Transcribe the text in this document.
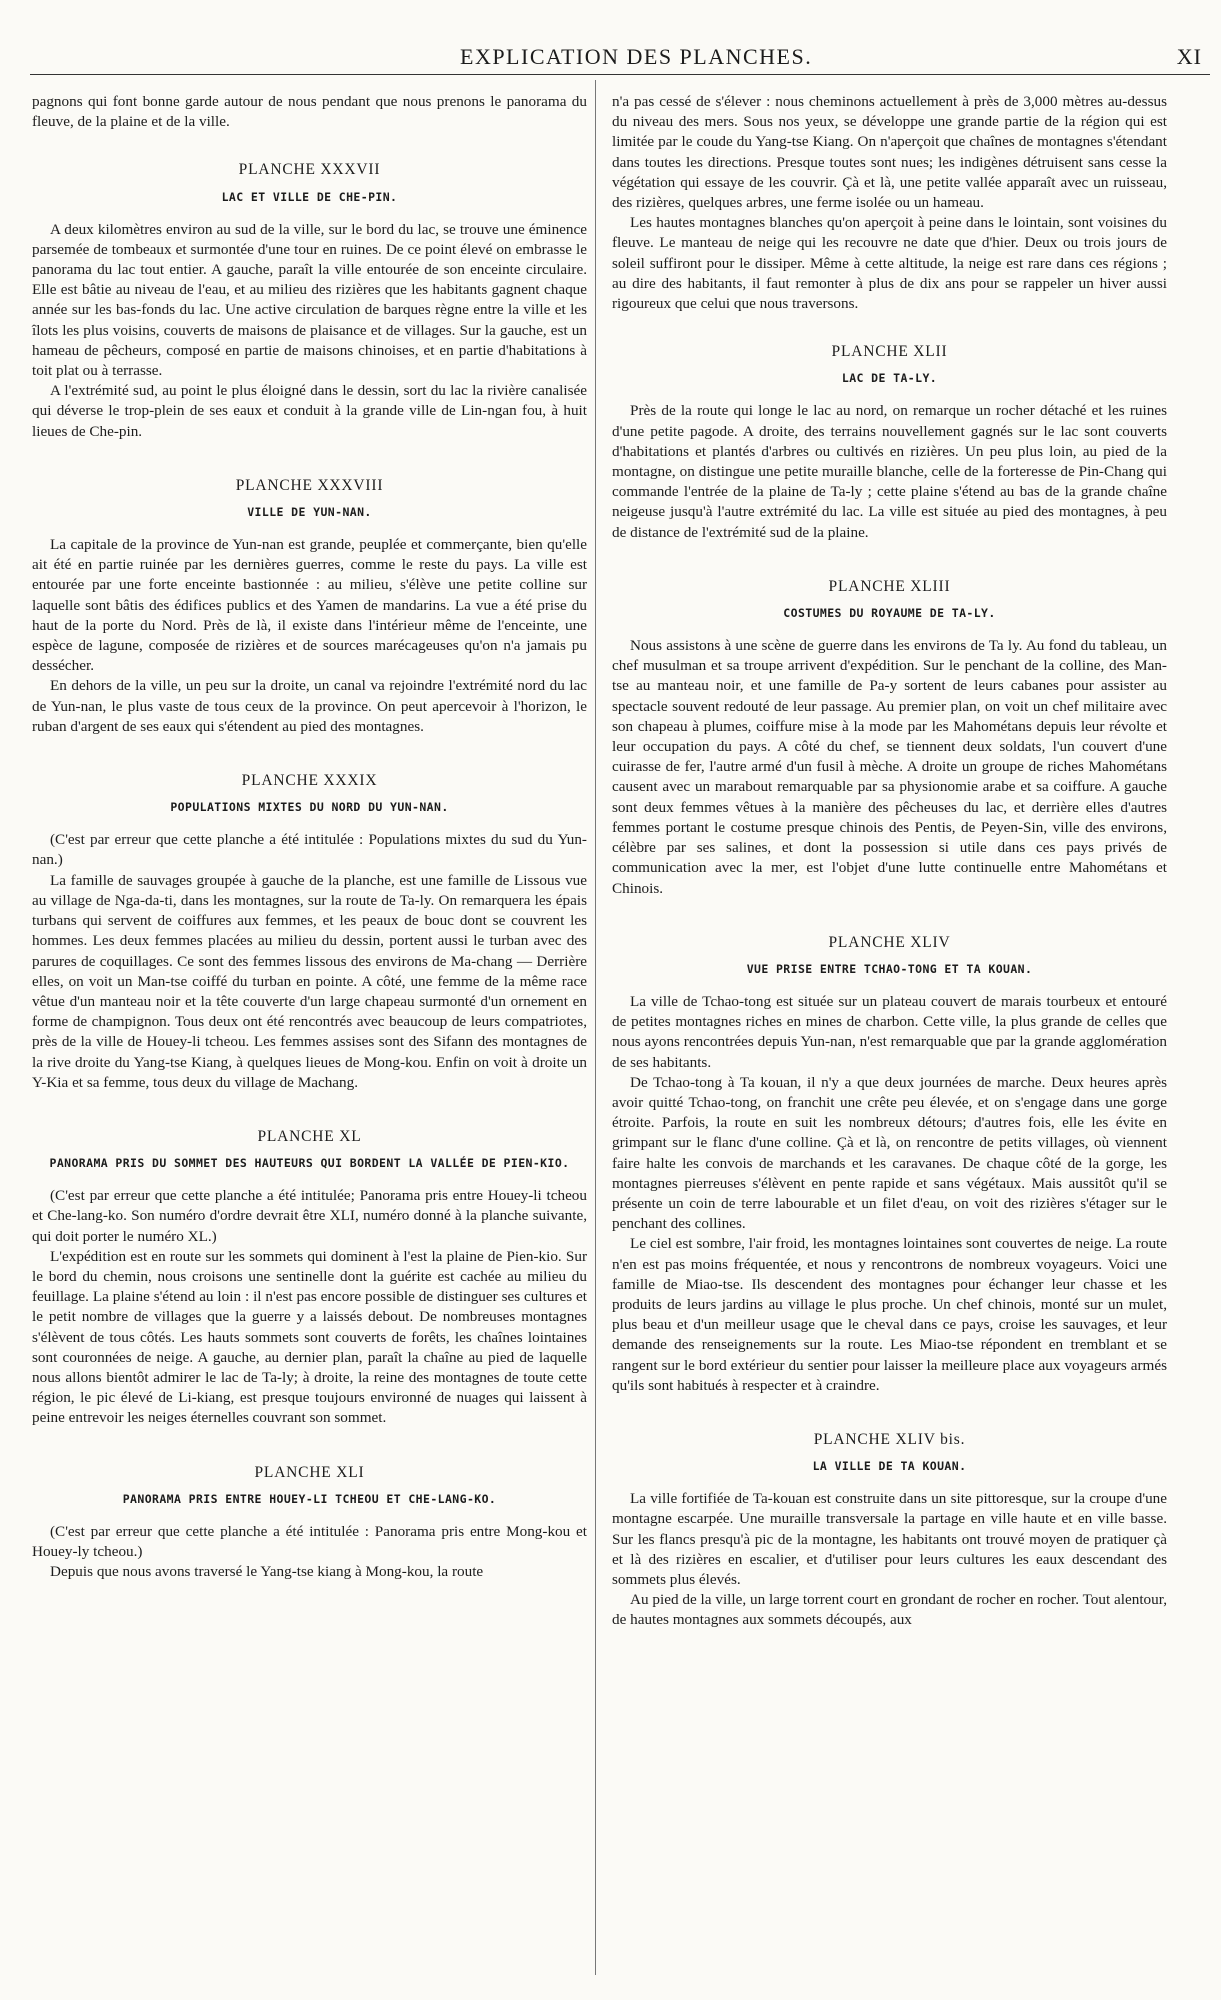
EXPLICATION DES PLANCHES.	XI

pagnons qui font bonne garde autour de nous pendant que nous prenons le panorama du fleuve, de la plaine et de la ville.

PLANCHE XXXVII
LAC ET VILLE DE CHE-PIN.

A deux kilomètres environ au sud de la ville, sur le bord du lac, se trouve une éminence parsemée de tombeaux et surmontée d'une tour en ruines. De ce point élevé on embrasse le panorama du lac tout entier. A gauche, paraît la ville entourée de son enceinte circulaire. Elle est bâtie au niveau de l'eau, et au milieu des rizières que les habitants gagnent chaque année sur les bas-fonds du lac. Une active circulation de barques règne entre la ville et les îlots les plus voisins, couverts de maisons de plaisance et de villages. Sur la gauche, est un hameau de pêcheurs, composé en partie de maisons chinoises, et en partie d'habitations à toit plat ou à terrasse.

A l'extrémité sud, au point le plus éloigné dans le dessin, sort du lac la rivière canalisée qui déverse le trop-plein de ses eaux et conduit à la grande ville de Lin-ngan fou, à huit lieues de Che-pin.

PLANCHE XXXVIII
VILLE DE YUN-NAN.

La capitale de la province de Yun-nan est grande, peuplée et commerçante, bien qu'elle ait été en partie ruinée par les dernières guerres, comme le reste du pays. La ville est entourée par une forte enceinte bastionnée : au milieu, s'élève une petite colline sur laquelle sont bâtis des édifices publics et des Yamen de mandarins. La vue a été prise du haut de la porte du Nord. Près de là, il existe dans l'intérieur même de l'enceinte, une espèce de lagune, composée de rizières et de sources marécageuses qu'on n'a jamais pu dessécher.

En dehors de la ville, un peu sur la droite, un canal va rejoindre l'extrémité nord du lac de Yun-nan, le plus vaste de tous ceux de la province. On peut apercevoir à l'horizon, le ruban d'argent de ses eaux qui s'étendent au pied des montagnes.

PLANCHE XXXIX
POPULATIONS MIXTES DU NORD DU YUN-NAN.

(C'est par erreur que cette planche a été intitulée : Populations mixtes du sud du Yun-nan.)

La famille de sauvages groupée à gauche de la planche, est une famille de Lissous vue au village de Nga-da-ti, dans les montagnes, sur la route de Ta-ly. On remarquera les épais turbans qui servent de coiffures aux femmes, et les peaux de bouc dont se couvrent les hommes. Les deux femmes placées au milieu du dessin, portent aussi le turban avec des parures de coquillages. Ce sont des femmes lissous des environs de Ma-chang — Derrière elles, on voit un Man-tse coiffé du turban en pointe. A côté, une femme de la même race vêtue d'un manteau noir et la tête couverte d'un large chapeau surmonté d'un ornement en forme de champignon. Tous deux ont été rencontrés avec beaucoup de leurs compatriotes, près de la ville de Houey-li tcheou. Les femmes assises sont des Sifann des montagnes de la rive droite du Yang-tse Kiang, à quelques lieues de Mong-kou. Enfin on voit à droite un Y-Kia et sa femme, tous deux du village de Machang.

PLANCHE XL
PANORAMA PRIS DU SOMMET DES HAUTEURS QUI BORDENT LA VALLÉE DE PIEN-KIO.

(C'est par erreur que cette planche a été intitulée; Panorama pris entre Houey-li tcheou et Che-lang-ko. Son numéro d'ordre devrait être XLI, numéro donné à la planche suivante, qui doit porter le numéro XL.)

L'expédition est en route sur les sommets qui dominent à l'est la plaine de Pien-kio. Sur le bord du chemin, nous croisons une sentinelle dont la guérite est cachée au milieu du feuillage. La plaine s'étend au loin : il n'est pas encore possible de distinguer ses cultures et le petit nombre de villages que la guerre y a laissés debout. De nombreuses montagnes s'élèvent de tous côtés. Les hauts sommets sont couverts de forêts, les chaînes lointaines sont couronnées de neige. A gauche, au dernier plan, paraît la chaîne au pied de laquelle nous allons bientôt admirer le lac de Ta-ly; à droite, la reine des montagnes de toute cette région, le pic élevé de Li-kiang, est presque toujours environné de nuages qui laissent à peine entrevoir les neiges éternelles couvrant son sommet.

PLANCHE XLI
PANORAMA PRIS ENTRE HOUEY-LI TCHEOU ET CHE-LANG-KO.

(C'est par erreur que cette planche a été intitulée : Panorama pris entre Mong-kou et Houey-ly tcheou.)

Depuis que nous avons traversé le Yang-tse kiang à Mong-kou, la route

n'a pas cessé de s'élever : nous cheminons actuellement à près de 3,000 mètres au-dessus du niveau des mers. Sous nos yeux, se développe une grande partie de la région qui est limitée par le coude du Yang-tse Kiang. On n'aperçoit que chaînes de montagnes s'étendant dans toutes les directions. Presque toutes sont nues; les indigènes détruisent sans cesse la végétation qui essaye de les couvrir. Çà et là, une petite vallée apparaît avec un ruisseau, des rizières, quelques arbres, une ferme isolée ou un hameau.

Les hautes montagnes blanches qu'on aperçoit à peine dans le lointain, sont voisines du fleuve. Le manteau de neige qui les recouvre ne date que d'hier. Deux ou trois jours de soleil suffiront pour le dissiper. Même à cette altitude, la neige est rare dans ces régions ; au dire des habitants, il faut remonter à plus de dix ans pour se rappeler un hiver aussi rigoureux que celui que nous traversons.

PLANCHE XLII
LAC DE TA-LY.

Près de la route qui longe le lac au nord, on remarque un rocher détaché et les ruines d'une petite pagode. A droite, des terrains nouvellement gagnés sur le lac sont couverts d'habitations et plantés d'arbres ou cultivés en rizières. Un peu plus loin, au pied de la montagne, on distingue une petite muraille blanche, celle de la forteresse de Pin-Chang qui commande l'entrée de la plaine de Ta-ly ; cette plaine s'étend au bas de la grande chaîne neigeuse jusqu'à l'autre extrémité du lac. La ville est située au pied des montagnes, à peu de distance de l'extrémité sud de la plaine.

PLANCHE XLIII
COSTUMES DU ROYAUME DE TA-LY.

Nous assistons à une scène de guerre dans les environs de Ta ly. Au fond du tableau, un chef musulman et sa troupe arrivent d'expédition. Sur le penchant de la colline, des Man-tse au manteau noir, et une famille de Pa-y sortent de leurs cabanes pour assister au spectacle souvent redouté de leur passage. Au premier plan, on voit un chef militaire avec son chapeau à plumes, coiffure mise à la mode par les Mahométans depuis leur révolte et leur occupation du pays. A côté du chef, se tiennent deux soldats, l'un couvert d'une cuirasse de fer, l'autre armé d'un fusil à mèche. A droite un groupe de riches Mahométans causent avec un marabout remarquable par sa physionomie arabe et sa coiffure. A gauche sont deux femmes vêtues à la manière des pêcheuses du lac, et derrière elles d'autres femmes portant le costume presque chinois des Pentis, de Peyen-Sin, ville des environs, célèbre par ses salines, et dont la possession si utile dans ces pays privés de communication avec la mer, est l'objet d'une lutte continuelle entre Mahométans et Chinois.

PLANCHE XLIV
VUE PRISE ENTRE TCHAO-TONG ET TA KOUAN.

La ville de Tchao-tong est située sur un plateau couvert de marais tourbeux et entouré de petites montagnes riches en mines de charbon. Cette ville, la plus grande de celles que nous ayons rencontrées depuis Yun-nan, n'est remarquable que par la grande agglomération de ses habitants.

De Tchao-tong à Ta kouan, il n'y a que deux journées de marche. Deux heures après avoir quitté Tchao-tong, on franchit une crête peu élevée, et on s'engage dans une gorge étroite. Parfois, la route en suit les nombreux détours; d'autres fois, elle les évite en grimpant sur le flanc d'une colline. Çà et là, on rencontre de petits villages, où viennent faire halte les convois de marchands et les caravanes. De chaque côté de la gorge, les montagnes pierreuses s'élèvent en pente rapide et sans végétaux. Mais aussitôt qu'il se présente un coin de terre labourable et un filet d'eau, on voit des rizières s'étager sur le penchant des collines.

Le ciel est sombre, l'air froid, les montagnes lointaines sont couvertes de neige. La route n'en est pas moins fréquentée, et nous y rencontrons de nombreux voyageurs. Voici une famille de Miao-tse. Ils descendent des montagnes pour échanger leur chasse et les produits de leurs jardins au village le plus proche. Un chef chinois, monté sur un mulet, plus beau et d'un meilleur usage que le cheval dans ce pays, croise les sauvages, et leur demande des renseignements sur la route. Les Miao-tse répondent en tremblant et se rangent sur le bord extérieur du sentier pour laisser la meilleure place aux voyageurs armés qu'ils sont habitués à respecter et à craindre.

PLANCHE XLIV bis.
LA VILLE DE TA KOUAN.

La ville fortifiée de Ta-kouan est construite dans un site pittoresque, sur la croupe d'une montagne escarpée. Une muraille transversale la partage en ville haute et en ville basse. Sur les flancs presqu'à pic de la montagne, les habitants ont trouvé moyen de pratiquer çà et là des rizières en escalier, et d'utiliser pour leurs cultures les eaux descendant des sommets plus élevés.

Au pied de la ville, un large torrent court en grondant de rocher en rocher. Tout alentour, de hautes montagnes aux sommets découpés, aux
